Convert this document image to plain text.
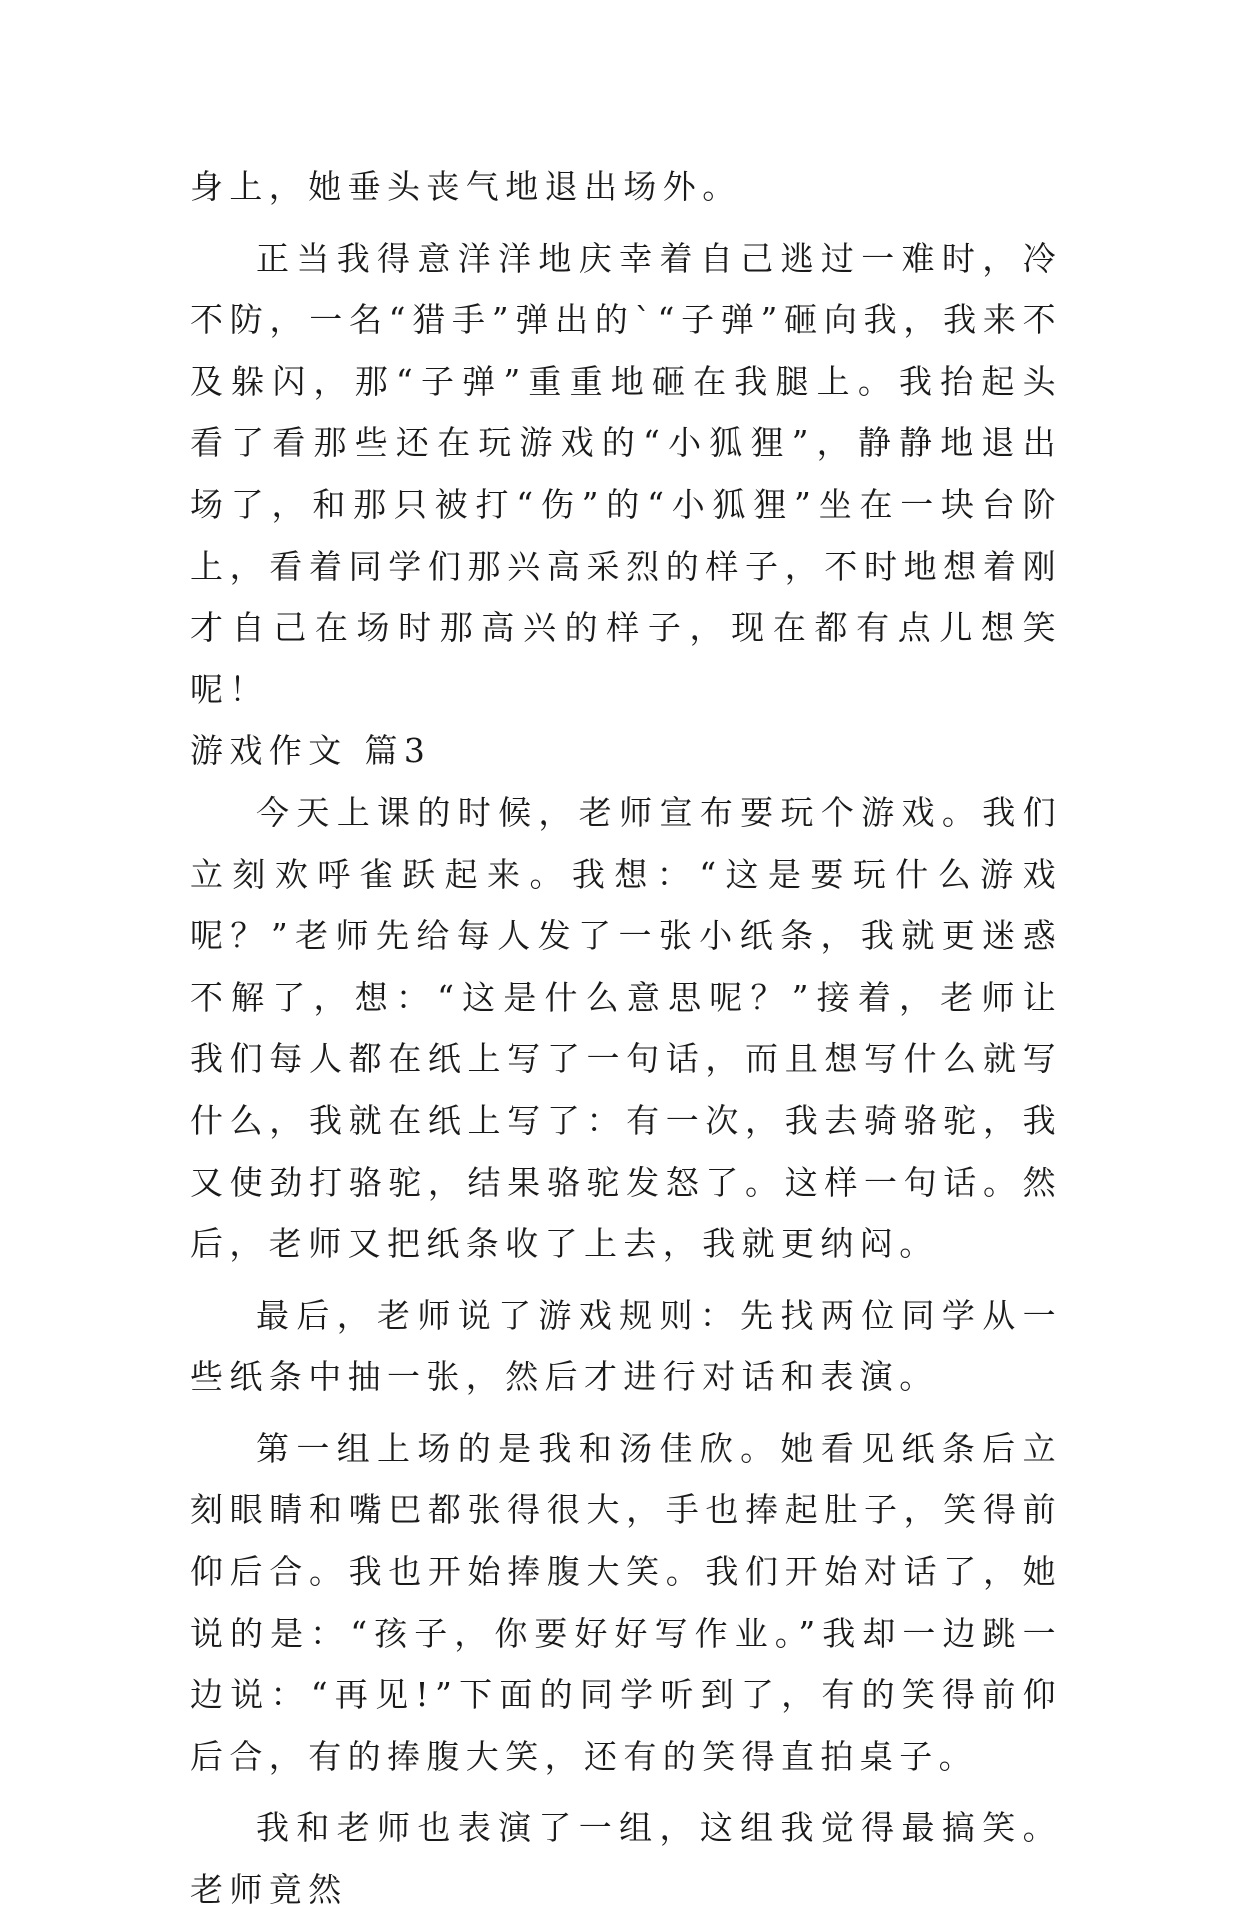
身上，她垂头丧气地退出场外。

正当我得意洋洋地庆幸着自己逃过一难时，冷不防，一名“猎手”弹出的`“子弹”砸向我，我来不及躲闪，那“子弹”重重地砸在我腿上。我抬起头看了看那些还在玩游戏的“小狐狸”，静静地退出场了，和那只被打“伤”的“小狐狸”坐在一块台阶上，看着同学们那兴高采烈的样子，不时地想着刚才自己在场时那高兴的样子，现在都有点儿想笑呢！

游戏作文 篇3

今天上课的时候，老师宣布要玩个游戏。我们立刻欢呼雀跃起来。我想：“这是要玩什么游戏呢？”老师先给每人发了一张小纸条，我就更迷惑不解了，想：“这是什么意思呢？”接着，老师让我们每人都在纸上写了一句话，而且想写什么就写什么，我就在纸上写了：有一次，我去骑骆驼，我又使劲打骆驼，结果骆驼发怒了。这样一句话。然后，老师又把纸条收了上去，我就更纳闷。

最后，老师说了游戏规则：先找两位同学从一些纸条中抽一张，然后才进行对话和表演。

第一组上场的是我和汤佳欣。她看见纸条后立刻眼睛和嘴巴都张得很大，手也捧起肚子，笑得前仰后合。我也开始捧腹大笑。我们开始对话了，她说的是：“孩子，你要好好写作业。”我却一边跳一边说：“再见!”下面的同学听到了，有的笑得前仰后合，有的捧腹大笑，还有的笑得直拍桌子。

我和老师也表演了一组，这组我觉得最搞笑。老师竟然
